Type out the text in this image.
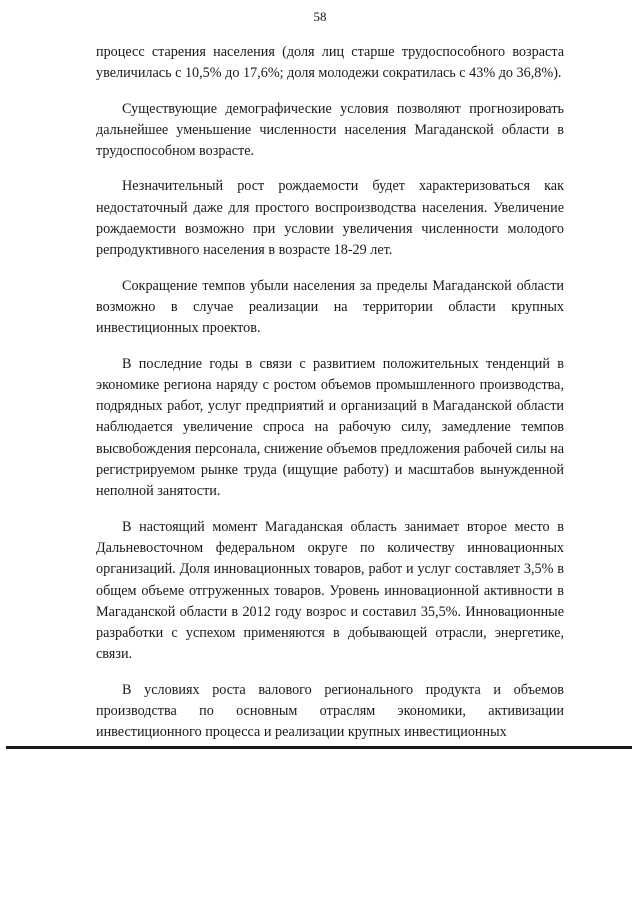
58

процесс старения населения (доля лиц старше трудоспособного возраста увеличилась с 10,5% до 17,6%; доля молодежи сократилась с 43% до 36,8%).

Существующие демографические условия позволяют прогнозировать дальнейшее уменьшение численности населения Магаданской области в трудоспособном возрасте.

Незначительный рост рождаемости будет характеризоваться как недостаточный даже для простого воспроизводства населения. Увеличение рождаемости возможно при условии увеличения численности молодого репродуктивного населения в возрасте 18-29 лет.

Сокращение темпов убыли населения за пределы Магаданской области возможно в случае реализации на территории области крупных инвестиционных проектов.

В последние годы в связи с развитием положительных тенденций в экономике региона наряду с ростом объемов промышленного производства, подрядных работ, услуг предприятий и организаций в Магаданской области наблюдается увеличение спроса на рабочую силу, замедление темпов высвобождения персонала, снижение объемов предложения рабочей силы на регистрируемом рынке труда (ищущие работу) и масштабов вынужденной неполной занятости.

В настоящий момент Магаданская область занимает второе место в Дальневосточном федеральном округе по количеству инновационных организаций. Доля инновационных товаров, работ и услуг составляет 3,5% в общем объеме отгруженных товаров. Уровень инновационной активности в Магаданской области в 2012 году возрос и составил 35,5%. Инновационные разработки с успехом применяются в добывающей отрасли, энергетике, связи.

В условиях роста валового регионального продукта и объемов производства по основным отраслям экономики, активизации инвестиционного процесса и реализации крупных инвестиционных
